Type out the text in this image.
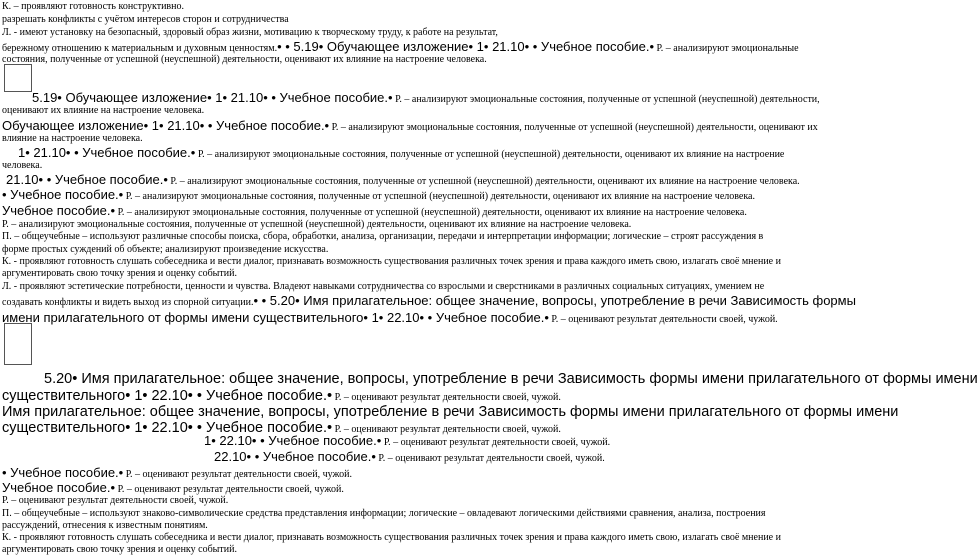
К. – проявляют готовность конструктивно.
разрешать конфликты с учётом интересов сторон и сотрудничества
Л. - имеют установку на безопасный, здоровый образ жизни, мотивацию к творческому труду, к работе на результат,
бережному отношению к материальным и духовным ценностям.• • 5.19• Обучающее изложение• 1• 21.10• • Учебное пособие.• Р. – анализируют эмоциональные
состояния, полученные от успешной (неуспешной) деятельности, оценивают их влияние на настроение человека.
5.19• Обучающее изложение• 1• 21.10• • Учебное пособие.• Р. – анализируют эмоциональные состояния, полученные от успешной (неуспешной) деятельности,
оценивают их влияние на настроение человека.
Обучающее изложение• 1• 21.10• • Учебное пособие.• Р. – анализируют эмоциональные состояния, полученные от успешной (неуспешной) деятельности, оценивают их
влияние на настроение человека.
1• 21.10• • Учебное пособие.• Р. – анализируют эмоциональные состояния, полученные от успешной (неуспешной) деятельности, оценивают их влияние на настроение
человека.
21.10• • Учебное пособие.• Р. – анализируют эмоциональные состояния, полученные от успешной (неуспешной) деятельности, оценивают их влияние на настроение человека.
• Учебное пособие.• Р. – анализируют эмоциональные состояния, полученные от успешной (неуспешной) деятельности, оценивают их влияние на настроение человека.
Учебное пособие.• Р. – анализируют эмоциональные состояния, полученные от успешной (неуспешной) деятельности, оценивают их влияние на настроение человека.
Р. – анализируют эмоциональные состояния, полученные от успешной (неуспешной) деятельности, оценивают их влияние на настроение человека.
П. – общеучебные – используют различные способы поиска, сбора, обработки, анализа, организации, передачи и интерпретации информации; логические – строят рассуждения в
форме простых суждений об объекте; анализируют произведение искусства.
К. - проявляют готовность слушать собеседника и вести диалог, признавать возможность существования различных точек зрения и права каждого иметь свою, излагать своё мнение и
аргументировать свою точку зрения и оценку событий.
Л. - проявляют эстетические потребности, ценности и чувства. Владеют навыками сотрудничества со взрослыми и сверстниками в различных социальных ситуациях, умением не
создавать конфликты и видеть выход из спорной ситуации.• • 5.20• Имя прилагательное: общее значение, вопросы, употребление в речи Зависимость формы
имени прилагательного от формы имени существительного• 1• 22.10• • Учебное пособие.• Р. – оценивают результат деятельности своей, чужой.
5.20• Имя прилагательное: общее значение, вопросы, употребление в речи Зависимость формы имени прилагательного от формы имени
существительного• 1• 22.10• • Учебное пособие.• Р. – оценивают результат деятельности своей, чужой.
Имя прилагательное: общее значение, вопросы, употребление в речи Зависимость формы имени прилагательного от формы имени
существительного• 1• 22.10• • Учебное пособие.• Р. – оценивают результат деятельности своей, чужой.
1• 22.10• • Учебное пособие.• Р. – оценивают результат деятельности своей, чужой.
22.10• • Учебное пособие.• Р. – оценивают результат деятельности своей, чужой.
• Учебное пособие.• Р. – оценивают результат деятельности своей, чужой.
Учебное пособие.• Р. – оценивают результат деятельности своей, чужой.
Р. – оценивают результат деятельности своей, чужой.
П. – общеучебные – используют знаково-символические средства представления информации; логические – овладевают логическими действиями сравнения, анализа, построения
рассуждений, отнесения к известным понятиям.
К. - проявляют готовность слушать собеседника и вести диалог, признавать возможность существования различных точек зрения и права каждого иметь свою, излагать своё мнение и
аргументировать свою точку зрения и оценку событий.
